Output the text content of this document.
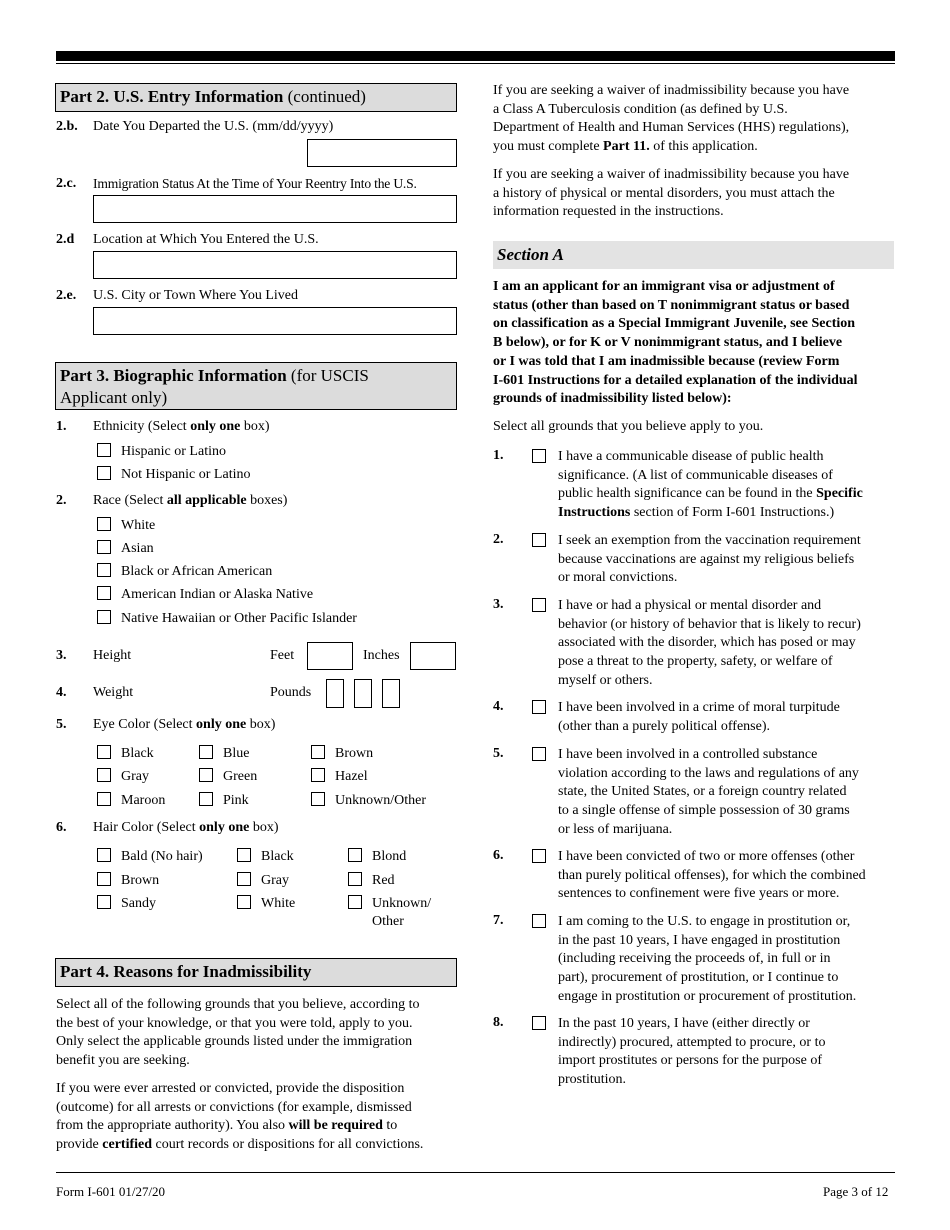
Part 2. U.S. Entry Information (continued)
2.b. Date You Departed the U.S. (mm/dd/yyyy)
2.c. Immigration Status At the Time of Your Reentry Into the U.S.
2.d Location at Which You Entered the U.S.
2.e. U.S. City or Town Where You Lived
Part 3. Biographic Information (for USCIS
Applicant only)
1. Ethnicity (Select only one box)
Hispanic or Latino
Not Hispanic or Latino
2. Race (Select all applicable boxes)
White
Asian
Black or African American
American Indian or Alaska Native
Native Hawaiian or Other Pacific Islander
3. Height	Feet	Inches
4. Weight	Pounds
5. Eye Color (Select only one box)
Black	Blue	Brown
Gray	Green	Hazel
Maroon	Pink	Unknown/Other
6. Hair Color (Select only one box)
Bald (No hair)	Black	Blond
Brown	Gray	Red
Sandy	White	Unknown/
Other
Part 4. Reasons for Inadmissibility

Select all of the following grounds that you believe, according to

the best of your knowledge, or that you were told, apply to you.

Only select the applicable grounds listed under the immigration

benefit you are seeking.

If you were ever arrested or convicted, provide the disposition

(outcome) for all arrests or convictions (for example, dismissed

from the appropriate authority). You also will be required to

provide certified court records or dispositions for all convictions.

If you are seeking a waiver of inadmissibility because you have

a Class A Tuberculosis condition (as defined by U.S.

Department of Health and Human Services (HHS) regulations),

you must complete Part 11. of this application.

If you are seeking a waiver of inadmissibility because you have

a history of physical or mental disorders, you must attach the

information requested in the instructions.

Section A

I am an applicant for an immigrant visa or adjustment of

status (other than based on T nonimmigrant status or based

on classification as a Special Immigrant Juvenile, see Section

B below), or for K or V nonimmigrant status, and I believe

or I was told that I am inadmissible because (review Form

I-601 Instructions for a detailed explanation of the individual

grounds of inadmissibility listed below):

Select all grounds that you believe apply to you.
1.	I have a communicable disease of public health

significance. (A list of communicable diseases of

public health significance can be found in the Specific

Instructions section of Form I-601 Instructions.)

2.	I seek an exemption from the vaccination requirement

because vaccinations are against my religious beliefs

or moral convictions.

3.	I have or had a physical or mental disorder and

behavior (or history of behavior that is likely to recur)

associated with the disorder, which has posed or may

pose a threat to the property, safety, or welfare of

myself or others.

4.	I have been involved in a crime of moral turpitude

(other than a purely political offense).

5.	I have been involved in a controlled substance

violation according to the laws and regulations of any

state, the United States, or a foreign country related

to a single offense of simple possession of 30 grams

or less of marijuana.

6.	I have been convicted of two or more offenses (other

than purely political offenses), for which the combined

sentences to confinement were five years or more.

7.	I am coming to the U.S. to engage in prostitution or,

in the past 10 years, I have engaged in prostitution

(including receiving the proceeds of, in full or in

part), procurement of prostitution, or I continue to

engage in prostitution or procurement of prostitution.

8.	In the past 10 years, I have (either directly or

indirectly) procured, attempted to procure, or to

import prostitutes or persons for the purpose of

prostitution.

Form I-601 01/27/20	Page 3 of 12
